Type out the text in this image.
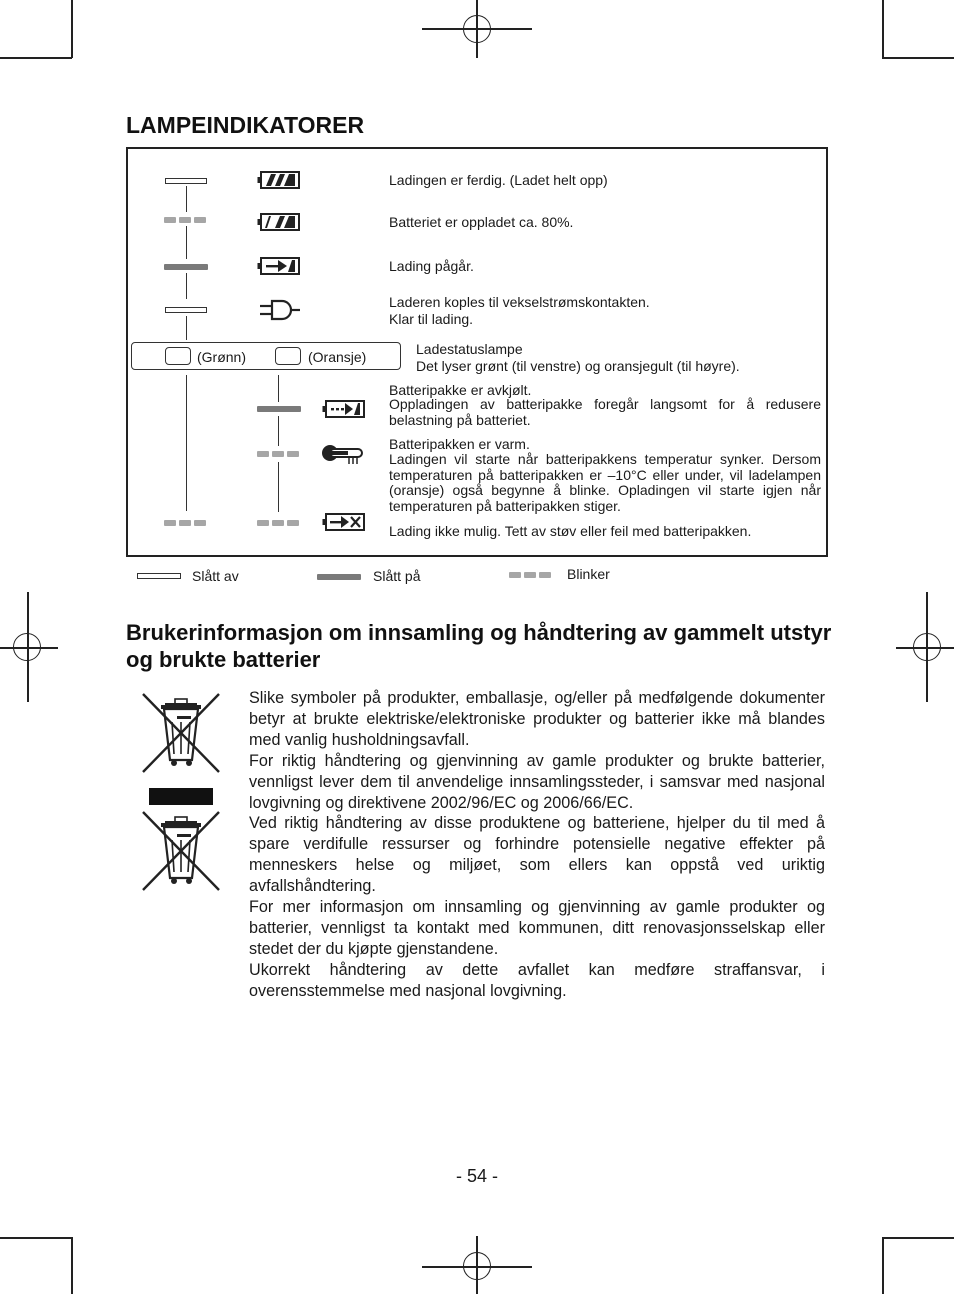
LAMPEINDIKATORER
Ladingen er ferdig. (Ladet helt opp)
Batteriet er oppladet ca. 80%.
Lading pågår.
Laderen koples til vekselstrømskontakten.
Klar til lading.
(Grønn)	(Oransje)	Ladestatuslampe
Det lyser grønt (til venstre) og oransjegult (til høyre).
Batteripakke er avkjølt.
Oppladingen av batteripakke foregår langsomt for å redusere belastning på batteriet.
Batteripakken er varm.
Ladingen vil starte når batteripakkens temperatur synker. Dersom temperaturen på batteripakken er –10°C eller under, vil ladelampen (oransje) også begynne å blinke. Opladingen vil starte igjen når temperaturen på batteripakken stiger.
Lading ikke mulig. Tett av støv eller feil med batteripakken.
Slått av	Slått på	Blinker
Brukerinformasjon om innsamling og håndtering av gammelt utstyr og brukte batterier

Slike symboler på produkter, emballasje, og/eller på medfølgende dokumenter betyr at brukte elektriske/elektroniske produkter og batterier ikke må blandes med vanlig husholdningsavfall.

For riktig håndtering og gjenvinning av gamle produkter og brukte batterier, vennligst lever dem til anvendelige innsamlingssteder, i samsvar med nasjonal lovgivning og direktivene 2002/96/EC og 2006/66/EC.

Ved riktig håndtering av disse produktene og batteriene, hjelper du til med å spare verdifulle ressurser og forhindre potensielle negative effekter på menneskers helse og miljøet, som ellers kan oppstå ved uriktig avfallshåndtering.

For mer informasjon om innsamling og gjenvinning av gamle produkter og batterier, vennligst ta kontakt med kommunen, ditt renovasjonsselskap eller stedet der du kjøpte gjenstandene.

Ukorrekt håndtering av dette avfallet kan medføre straffansvar, i overensstemmelse med nasjonal lovgivning.

- 54 -
